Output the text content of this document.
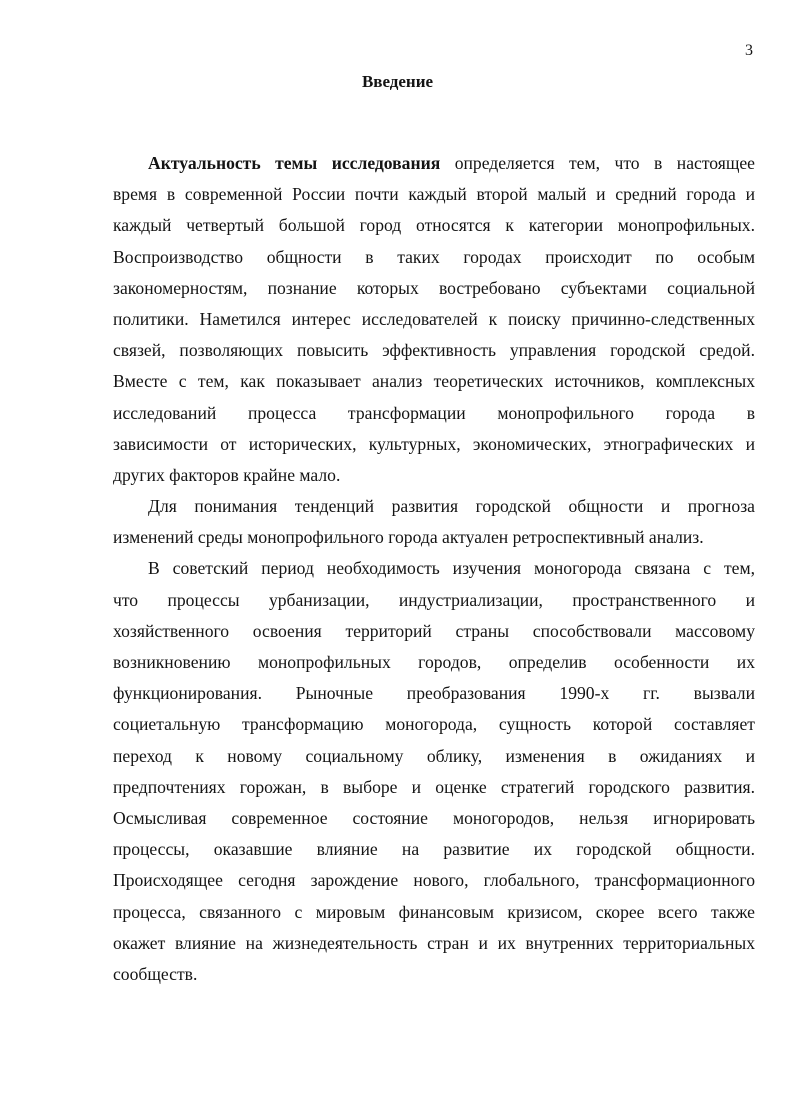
3
Введение
Актуальность темы исследования определяется тем, что в настоящее
время в современной России почти каждый второй малый и средний города и
каждый четвертый большой город относятся к категории монопрофильных.
Воспроизводство общности в таких городах происходит по особым
закономерностям, познание которых востребовано субъектами социальной
политики. Наметился интерес исследователей к поиску причинно-следственных
связей, позволяющих повысить эффективность управления городской средой.
Вместе с тем, как показывает анализ теоретических источников, комплексных
исследований процесса трансформации монопрофильного города в
зависимости от исторических, культурных, экономических, этнографических и
других факторов крайне мало.
Для понимания тенденций развития городской общности и прогноза
изменений среды монопрофильного города актуален ретроспективный анализ.
В советский период необходимость изучения моногорода связана с тем,
что процессы урбанизации, индустриализации, пространственного и
хозяйственного освоения территорий страны способствовали массовому
возникновению монопрофильных городов, определив особенности их
функционирования. Рыночные преобразования 1990-х гг. вызвали
социетальную трансформацию моногорода, сущность которой составляет
переход к новому социальному облику, изменения в ожиданиях и
предпочтениях горожан, в выборе и оценке стратегий городского развития.
Осмысливая современное состояние моногородов, нельзя игнорировать
процессы, оказавшие влияние на развитие их городской общности.
Происходящее сегодня зарождение нового, глобального, трансформационного
процесса, связанного с мировым финансовым кризисом, скорее всего также
окажет влияние на жизнедеятельность стран и их внутренних территориальных
сообществ.
